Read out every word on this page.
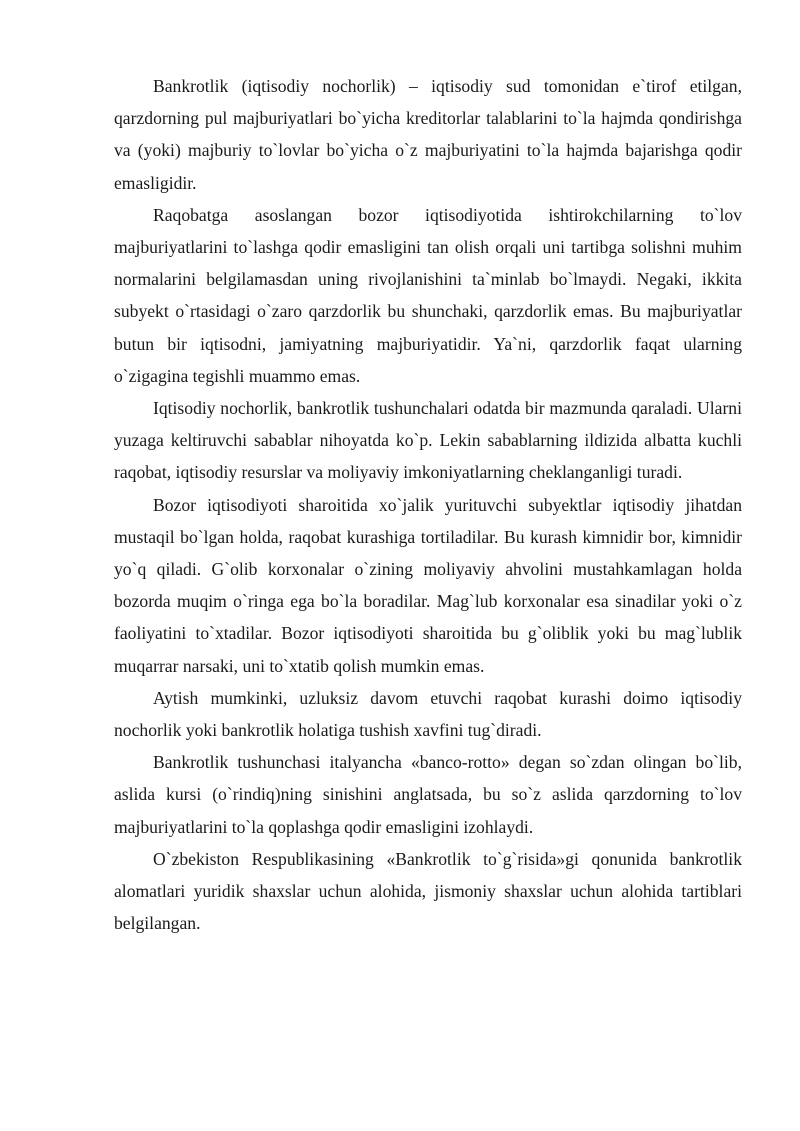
Bankrotlik (iqtisodiy nochorlik) – iqtisodiy sud tomonidan e`tirof etilgan, qarzdorning pul majburiyatlari bo`yicha kreditorlar talablarini to`la hajmda qondirishga va (yoki) majburiy to`lovlar bo`yicha o`z majburiyatini to`la hajmda bajarishga qodir emasligidir.

Raqobatga asoslangan bozor iqtisodiyotida ishtirokchilarning to`lov majburiyatlarini to`lashga qodir emasligini tan olish orqali uni tartibga solishni muhim normalarini belgilamasdan uning rivojlanishini ta`minlab bo`lmaydi. Negaki, ikkita subyekt o`rtasidagi o`zaro qarzdorlik bu shunchaki, qarzdorlik emas. Bu majburiyatlar butun bir iqtisodni, jamiyatning majburiyatidir. Ya`ni, qarzdorlik faqat ularning o`zigagina tegishli muammo emas.

Iqtisodiy nochorlik, bankrotlik tushunchalari odatda bir mazmunda qaraladi. Ularni yuzaga keltiruvchi sabablar nihoyatda ko`p. Lekin sabablarning ildizida albatta kuchli raqobat, iqtisodiy resurslar va moliyaviy imkoniyatlarning cheklanganligi turadi.

Bozor iqtisodiyoti sharoitida xo`jalik yurituvchi subyektlar iqtisodiy jihatdan mustaqil bo`lgan holda, raqobat kurashiga tortiladilar. Bu kurash kimnidir bor, kimnidir yo`q qiladi. G`olib korxonalar o`zining moliyaviy ahvolini mustahkamlagan holda bozorda muqim o`ringa ega bo`la boradilar. Mag`lub korxonalar esa sinadilar yoki o`z faoliyatini to`xtadilar. Bozor iqtisodiyoti sharoitida bu g`oliblik yoki bu mag`lublik muqarrar narsaki, uni to`xtatib qolish mumkin emas.

Aytish mumkinki, uzluksiz davom etuvchi raqobat kurashi doimo iqtisodiy nochorlik yoki bankrotlik holatiga tushish xavfini tug`diradi.

Bankrotlik tushunchasi italyancha «banco-rotto» degan so`zdan olingan bo`lib, aslida kursi (o`rindiq)ning sinishini anglatsada, bu so`z aslida qarzdorning to`lov majburiyatlarini to`la qoplashga qodir emasligini izohlaydi.

O`zbekiston Respublikasining «Bankrotlik to`g`risida»gi qonunida bankrotlik alomatlari yuridik shaxslar uchun alohida, jismoniy shaxslar uchun alohida tartiblari belgilangan.
